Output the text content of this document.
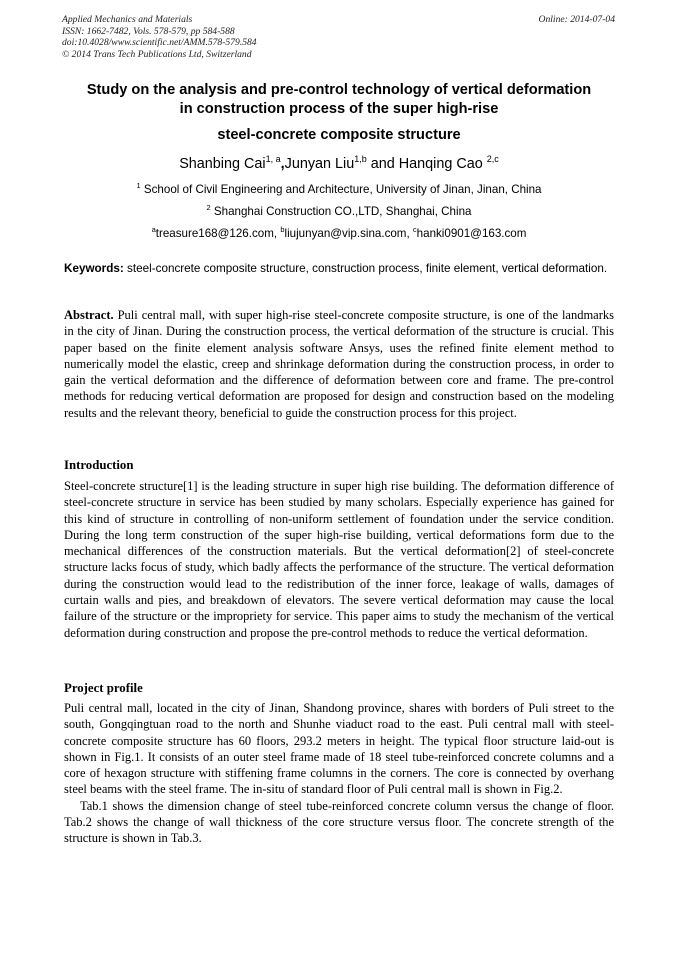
Applied Mechanics and Materials
ISSN: 1662-7482, Vols. 578-579, pp 584-588
doi:10.4028/www.scientific.net/AMM.578-579.584
© 2014 Trans Tech Publications Ltd, Switzerland
Online: 2014-07-04
Study on the analysis and pre-control technology of vertical deformation
in construction process of the super high-rise
steel-concrete composite structure
Shanbing Cai$^{1, a}$,Junyan Liu$^{1,b}$ and Hanqing Cao $^{2,c}$
$^1$ School of Civil Engineering and Architecture, University of Jinan, Jinan, China
$^2$ Shanghai Construction CO.,LTD, Shanghai, China
$^a$treasure168@126.com, $^b$liujunyan@vip.sina.com, $^c$hanki0901@163.com
Keywords: steel-concrete composite structure, construction process, finite element, vertical deformation.
Abstract. Puli central mall, with super high-rise steel-concrete composite structure, is one of the landmarks in the city of Jinan. During the construction process, the vertical deformation of the structure is crucial. This paper based on the finite element analysis software Ansys, uses the refined finite element method to numerically model the elastic, creep and shrinkage deformation during the construction process, in order to gain the vertical deformation and the difference of deformation between core and frame. The pre-control methods for reducing vertical deformation are proposed for design and construction based on the modeling results and the relevant theory, beneficial to guide the construction process for this project.
Introduction

Steel-concrete structure[1] is the leading structure in super high rise building. The deformation difference of steel-concrete structure in service has been studied by many scholars. Especially experience has gained for this kind of structure in controlling of non-uniform settlement of foundation under the service condition. During the long term construction of the super high-rise building, vertical deformations form due to the mechanical differences of the construction materials. But the vertical deformation[2] of steel-concrete structure lacks focus of study, which badly affects the performance of the structure. The vertical deformation during the construction would lead to the redistribution of the inner force, leakage of walls, damages of curtain walls and pies, and breakdown of elevators. The severe vertical deformation may cause the local failure of the structure or the impropriety for service. This paper aims to study the mechanism of the vertical deformation during construction and propose the pre-control methods to reduce the vertical deformation.

Project profile

Puli central mall, located in the city of Jinan, Shandong province, shares with borders of Puli street to the south, Gongqingtuan road to the north and Shunhe viaduct road to the east. Puli central mall with steel-concrete composite structure has 60 floors, 293.2 meters in height. The typical floor structure laid-out is shown in Fig.1. It consists of an outer steel frame made of 18 steel tube-reinforced concrete columns and a core of hexagon structure with stiffening frame columns in the corners. The core is connected by overhang steel beams with the steel frame. The in-situ of standard floor of Puli central mall is shown in Fig.2.

Tab.1 shows the dimension change of steel tube-reinforced concrete column versus the change of floor. Tab.2 shows the change of wall thickness of the core structure versus floor. The concrete strength of the structure is shown in Tab.3.
